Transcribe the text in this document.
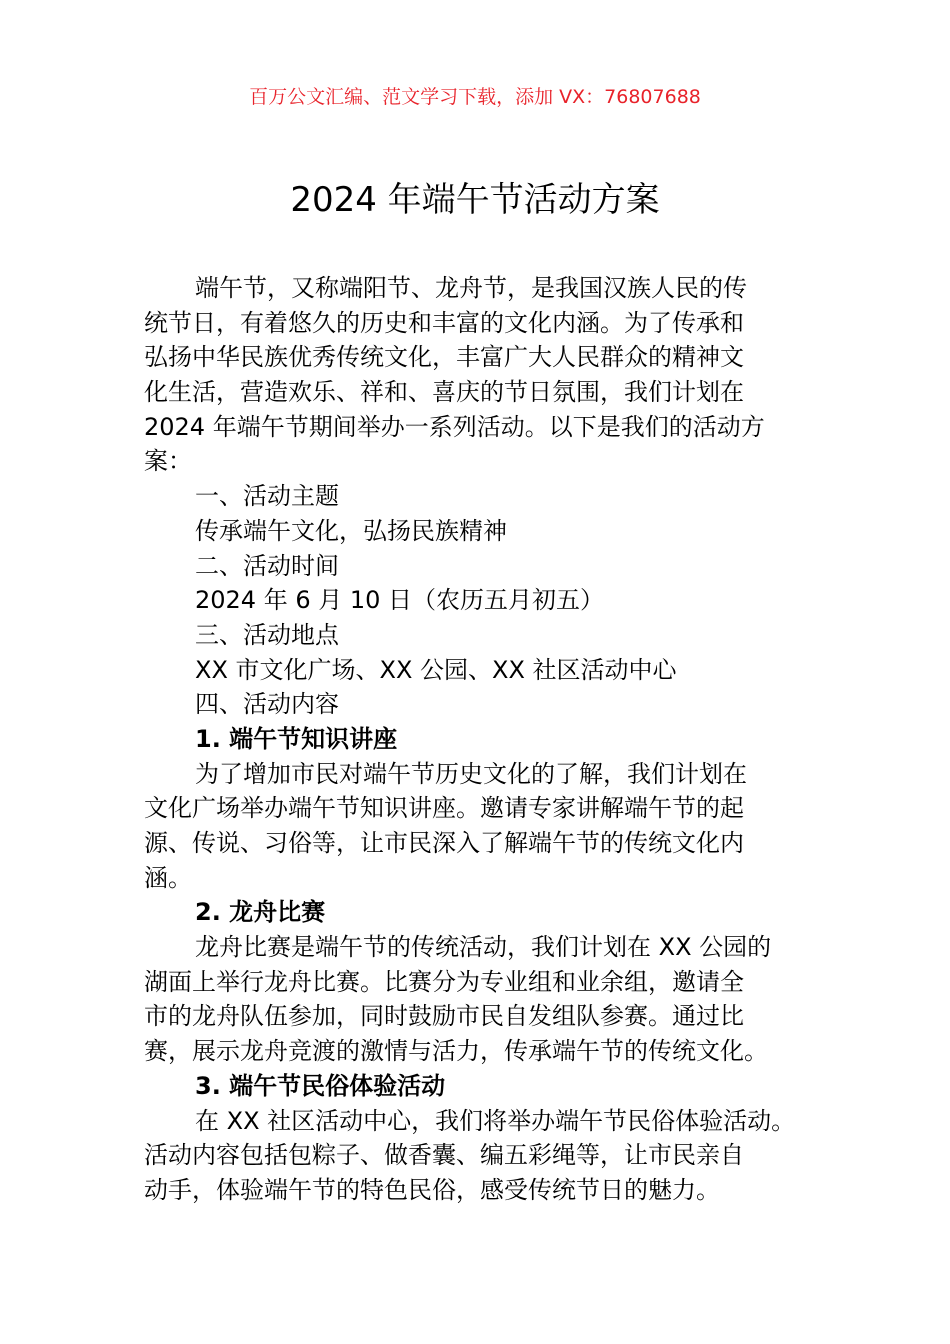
百万公文汇编、范文学习下载，添加 VX：76807688
2024 年端午节活动方案
端午节，又称端阳节、龙舟节，是我国汉族人民的传
统节日，有着悠久的历史和丰富的文化内涵。为了传承和
弘扬中华民族优秀传统文化，丰富广大人民群众的精神文
化生活，营造欢乐、祥和、喜庆的节日氛围，我们计划在
2024 年端午节期间举办一系列活动。以下是我们的活动方
案：
一、活动主题
传承端午文化，弘扬民族精神
二、活动时间
2024 年 6 月 10 日（农历五月初五）
三、活动地点
XX 市文化广场、XX 公园、XX 社区活动中心
四、活动内容
1. 端午节知识讲座
为了增加市民对端午节历史文化的了解，我们计划在
文化广场举办端午节知识讲座。邀请专家讲解端午节的起
源、传说、习俗等，让市民深入了解端午节的传统文化内
涵。
2. 龙舟比赛
龙舟比赛是端午节的传统活动，我们计划在 XX 公园的
湖面上举行龙舟比赛。比赛分为专业组和业余组，邀请全
市的龙舟队伍参加，同时鼓励市民自发组队参赛。通过比
赛，展示龙舟竞渡的激情与活力，传承端午节的传统文化。
3. 端午节民俗体验活动
在 XX 社区活动中心，我们将举办端午节民俗体验活动。
活动内容包括包粽子、做香囊、编五彩绳等，让市民亲自
动手，体验端午节的特色民俗，感受传统节日的魅力。
